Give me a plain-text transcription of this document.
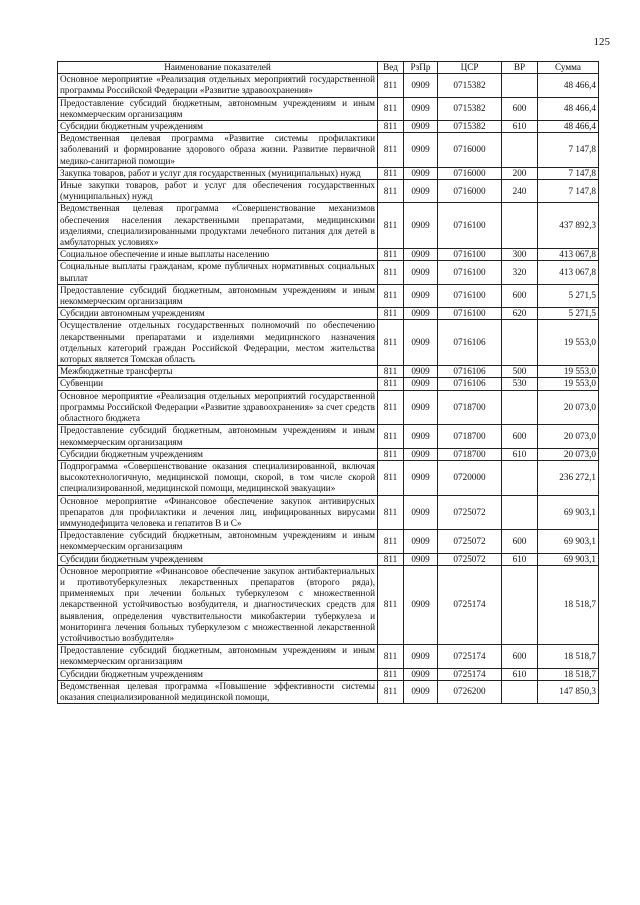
125
Наименование показателей	Вед	РзПр	ЦСР	ВР	Сумма
Основное мероприятие «Реализация отдельных мероприятий государственной программы Российской Федерации «Развитие здравоохранения»	811	0909	0715382		48 466,4
Предоставление субсидий бюджетным, автономным учреждениям и иным некоммерческим организациям	811	0909	0715382	600	48 466,4
Субсидии бюджетным учреждениям	811	0909	0715382	610	48 466,4
Ведомственная целевая программа «Развитие системы профилактики заболеваний и формирование здорового образа жизни. Развитие первичной медико-санитарной помощи»	811	0909	0716000		7 147,8
Закупка товаров, работ и услуг для государственных (муниципальных) нужд	811	0909	0716000	200	7 147,8
Иные закупки товаров, работ и услуг для обеспечения государственных (муниципальных) нужд	811	0909	0716000	240	7 147,8
Ведомственная целевая программа «Совершенствование механизмов обеспечения населения лекарственными препаратами, медицинскими изделиями, специализированными продуктами лечебного питания для детей в амбулаторных условиях»	811	0909	0716100		437 892,3
Социальное обеспечение и иные выплаты населению	811	0909	0716100	300	413 067,8
Социальные выплаты гражданам, кроме публичных нормативных социальных выплат	811	0909	0716100	320	413 067,8
Предоставление субсидий бюджетным, автономным учреждениям и иным некоммерческим организациям	811	0909	0716100	600	5 271,5
Субсидии автономным учреждениям	811	0909	0716100	620	5 271,5
Осуществление отдельных государственных полномочий по обеспечению лекарственными препаратами и изделиями медицинского назначения отдельных категорий граждан Российской Федерации, местом жительства которых является Томская область	811	0909	0716106		19 553,0
Межбюджетные трансферты	811	0909	0716106	500	19 553,0
Субвенции	811	0909	0716106	530	19 553,0
Основное мероприятие «Реализация отдельных мероприятий государственной программы Российской Федерации «Развитие здравоохранения» за счет средств областного бюджета	811	0909	0718700		20 073,0
Предоставление субсидий бюджетным, автономным учреждениям и иным некоммерческим организациям	811	0909	0718700	600	20 073,0
Субсидии бюджетным учреждениям	811	0909	0718700	610	20 073,0
Подпрограмма «Совершенствование оказания специализированной, включая высокотехнологичную, медицинской помощи, скорой, в том числе скорой специализированной, медицинской помощи, медицинской эвакуации»	811	0909	0720000		236 272,1
Основное мероприятие «Финансовое обеспечение закупок антивирусных препаратов для профилактики и лечения лиц, инфицированных вирусами иммунодефицита человека и гепатитов В и С»	811	0909	0725072		69 903,1
Предоставление субсидий бюджетным, автономным учреждениям и иным некоммерческим организациям	811	0909	0725072	600	69 903,1
Субсидии бюджетным учреждениям	811	0909	0725072	610	69 903,1
Основное мероприятие «Финансовое обеспечение закупок антибактериальных и противотуберкулезных лекарственных препаратов (второго ряда), применяемых при лечении больных туберкулезом с множественной лекарственной устойчивостью возбудителя, и диагностических средств для выявления, определения чувствительности микобактерии туберкулеза и мониторинга лечения больных туберкулезом с множественной лекарственной устойчивостью возбудителя»	811	0909	0725174		18 518,7
Предоставление субсидий бюджетным, автономным учреждениям и иным некоммерческим организациям	811	0909	0725174	600	18 518,7
Субсидии бюджетным учреждениям	811	0909	0725174	610	18 518,7
Ведомственная целевая программа «Повышение эффективности системы оказания специализированной медицинской помощи,	811	0909	0726200		147 850,3
